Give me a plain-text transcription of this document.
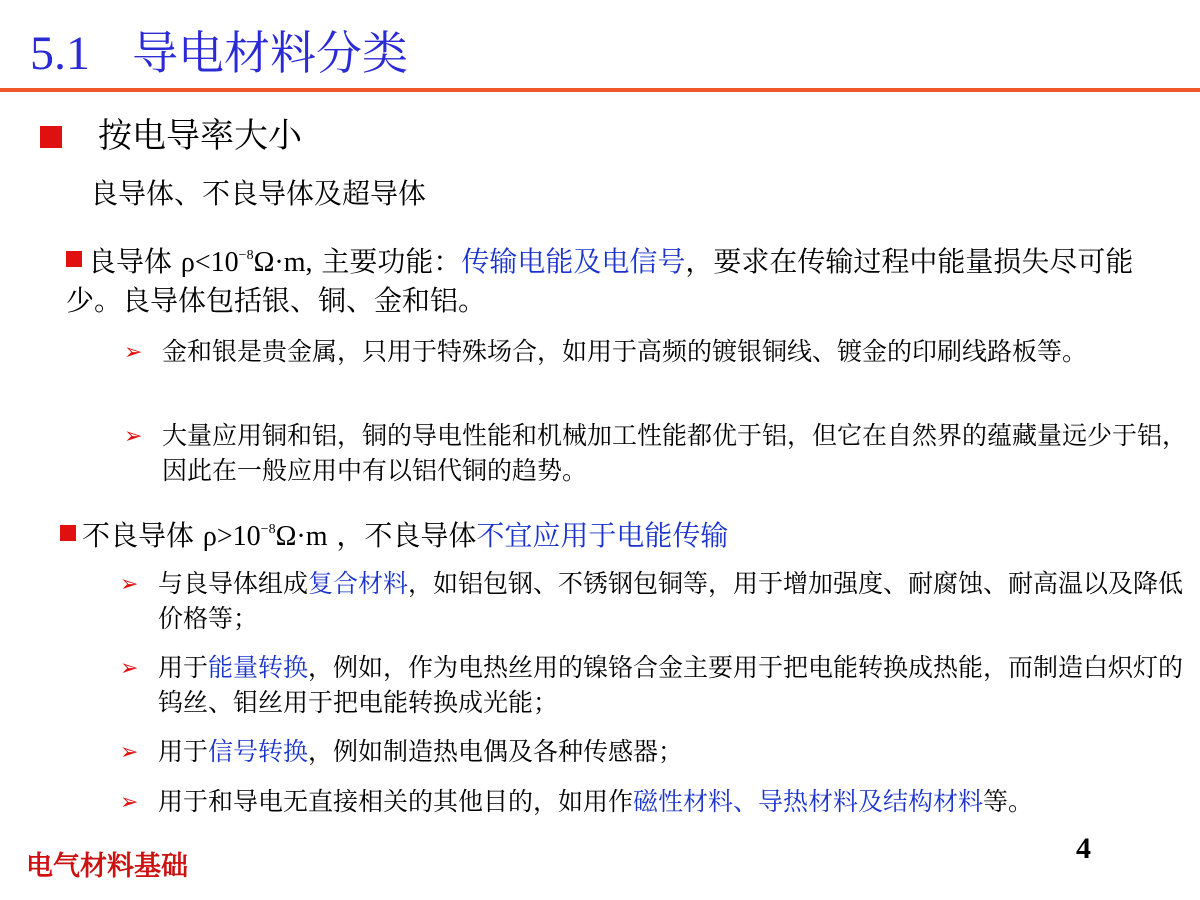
5.1 导电材料分类
按电导率大小
良导体、不良导体及超导体
良导体 $\rho<10^{-8}\Omega\cdot m$, 主要功能：传输电能及电信号，要求在传输过程中能量损失尽可能少。良导体包括银、铜、金和铝。
➢ 金和银是贵金属，只用于特殊场合，如用于高频的镀银铜线、镀金的印刷线路板等。
➢ 大量应用铜和铝，铜的导电性能和机械加工性能都优于铝，但它在自然界的蕴藏量远少于铝，因此在一般应用中有以铝代铜的趋势。
不良导体 $\rho>10^{-8}\Omega\cdot m$ ，不良导体不宜应用于电能传输
➢ 与良导体组成复合材料，如铝包钢、不锈钢包铜等，用于增加强度、耐腐蚀、耐高温以及降低价格等；
➢ 用于能量转换，例如，作为电热丝用的镍铬合金主要用于把电能转换成热能，而制造白炽灯的钨丝、钼丝用于把电能转换成光能；
➢ 用于信号转换，例如制造热电偶及各种传感器；
➢ 用于和导电无直接相关的其他目的，如用作磁性材料、导热材料及结构材料等。
电气材料基础
4
